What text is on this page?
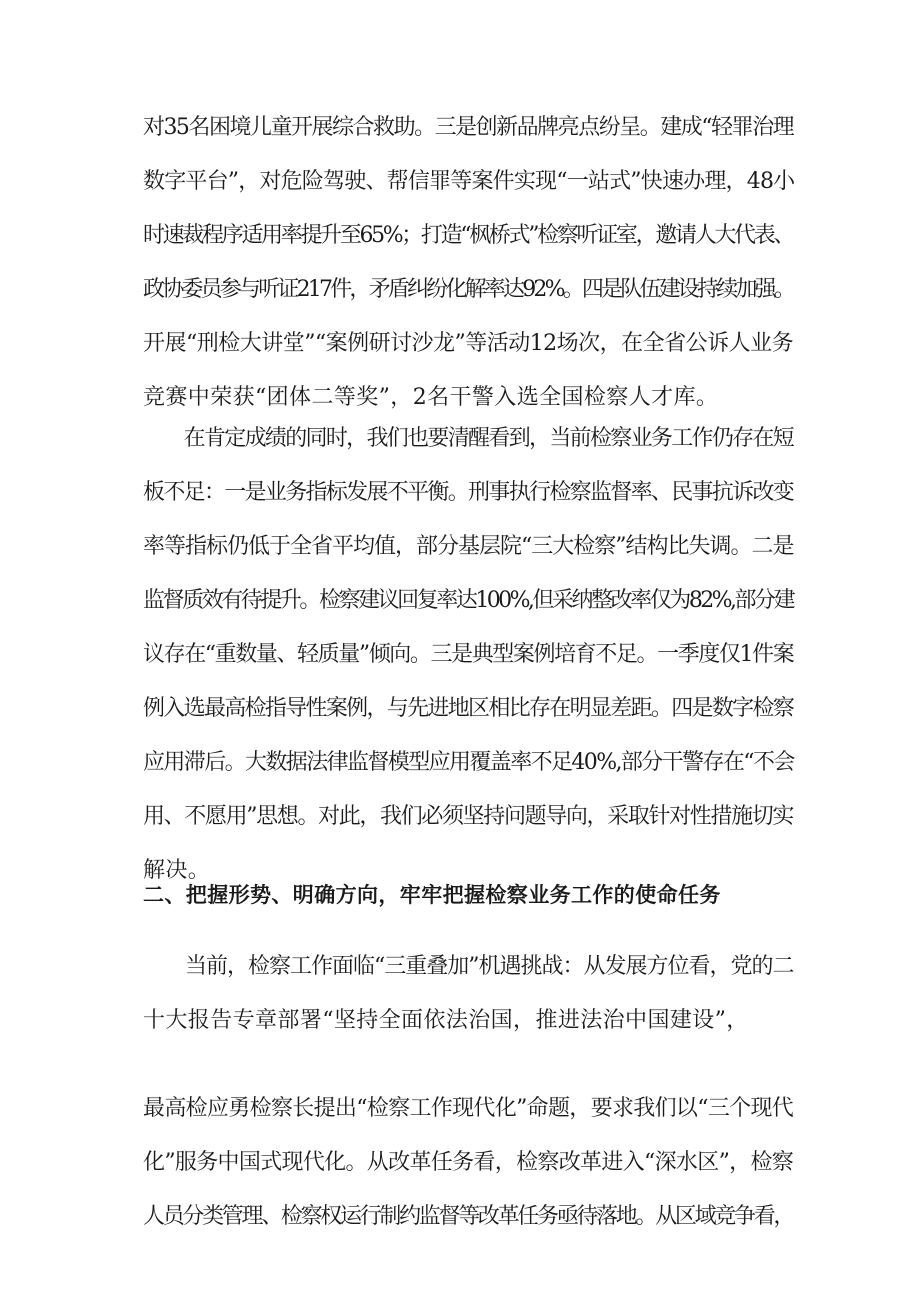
对35名困境儿童开展综合救助。三是创新品牌亮点纷呈。建成“轻罪治理
数字平台”，对危险驾驶、帮信罪等案件实现“一站式”快速办理，48小
时速裁程序适用率提升至65%；打造“枫桥式”检察听证室，邀请人大代表、
政协委员参与听证217件，矛盾纠纷化解率达92%。四是队伍建设持续加强。
开展“刑检大讲堂”“案例研讨沙龙”等活动12场次，在全省公诉人业务
竞赛中荣获“团体二等奖”，2名干警入选全国检察人才库。
　　在肯定成绩的同时，我们也要清醒看到，当前检察业务工作仍存在短
板不足：一是业务指标发展不平衡。刑事执行检察监督率、民事抗诉改变
率等指标仍低于全省平均值，部分基层院“三大检察”结构比失调。二是
监督质效有待提升。检察建议回复率达100%,但采纳整改率仅为82%,部分建
议存在“重数量、轻质量”倾向。三是典型案例培育不足。一季度仅1件案
例入选最高检指导性案例，与先进地区相比存在明显差距。四是数字检察
应用滞后。大数据法律监督模型应用覆盖率不足40%,部分干警存在“不会
用、不愿用”思想。对此，我们必须坚持问题导向，采取针对性措施切实
解决。
二、把握形势、明确方向，牢牢把握检察业务工作的使命任务
　　当前，检察工作面临“三重叠加”机遇挑战：从发展方位看，党的二
十大报告专章部署“坚持全面依法治国，推进法治中国建设”，
最高检应勇检察长提出“检察工作现代化”命题，要求我们以“三个现代
化”服务中国式现代化。从改革任务看，检察改革进入“深水区”，检察
人员分类管理、检察权运行制约监督等改革任务亟待落地。从区域竞争看，
